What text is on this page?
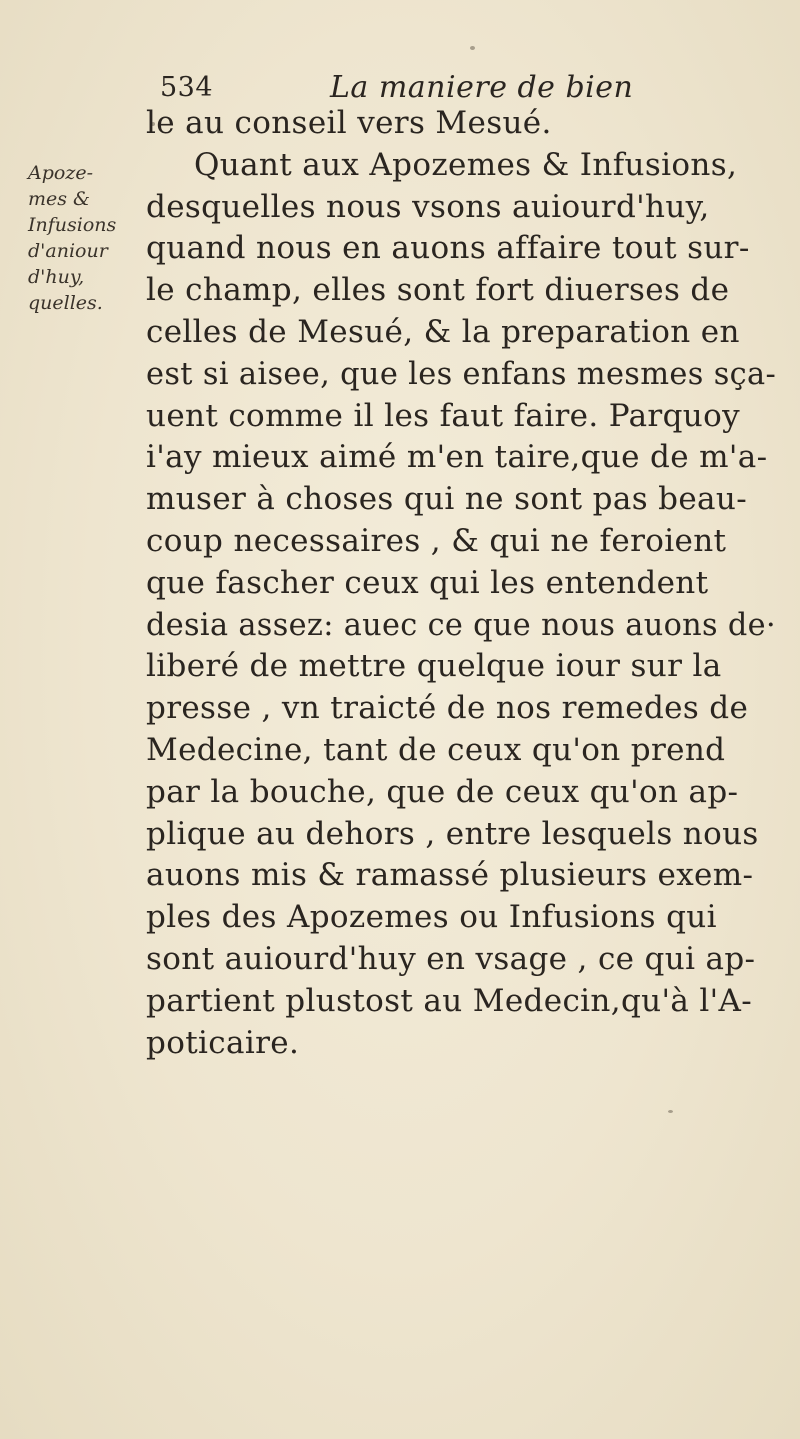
534	La maniere de bien
Apoze-
mes &
Infusions
d'aniour
d'huy,
quelles.
le au conseil vers Mesué.
Quant aux Apozemes & Infusions,
desquelles nous vsons auiourd'huy,
quand nous en auons affaire tout sur-
le champ, elles sont fort diuerses de
celles de Mesué, & la preparation en
est si aisee, que les enfans mesmes sça-
uent comme il les faut faire. Parquoy
i'ay mieux aimé m'en taire,que de m'a-
muser à choses qui ne sont pas beau-
coup necessaires , & qui ne feroient
que fascher ceux qui les entendent
desia assez: auec ce que nous auons de·
liberé de mettre quelque iour sur la
presse , vn traicté de nos remedes de
Medecine, tant de ceux qu'on prend
par la bouche, que de ceux qu'on ap-
plique au dehors , entre lesquels nous
auons mis & ramassé plusieurs exem-
ples des Apozemes ou Infusions qui
sont auiourd'huy en vsage , ce qui ap-
partient plustost au Medecin,qu'à l'A-
poticaire.
